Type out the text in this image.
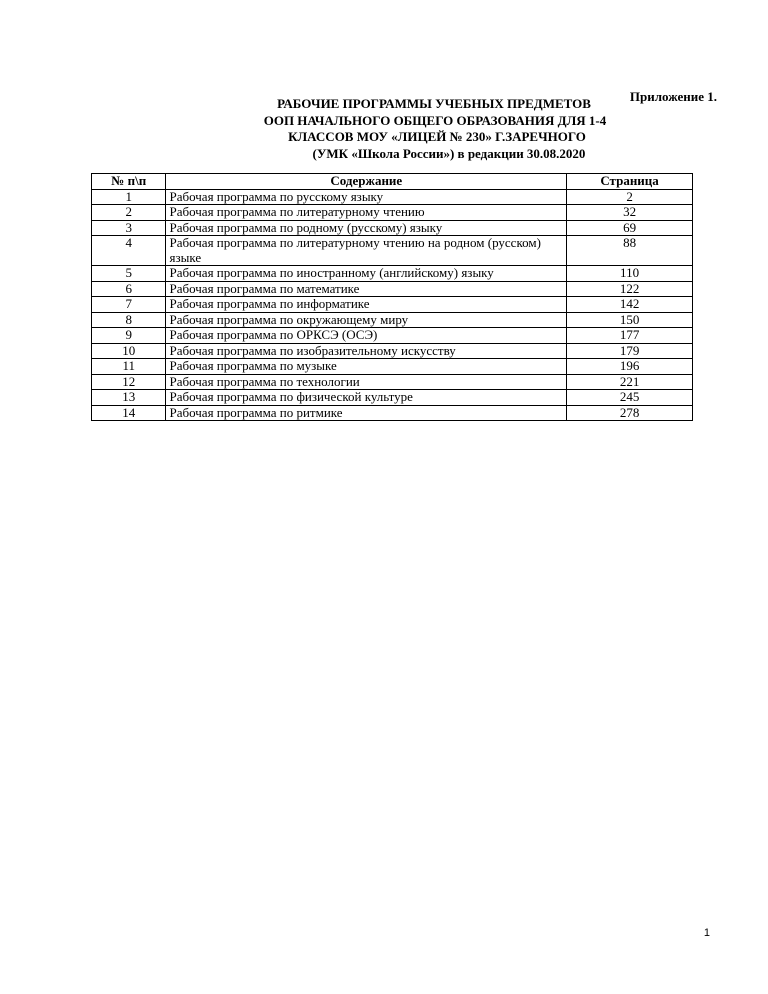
Приложение 1.

РАБОЧИЕ ПРОГРАММЫ УЧЕБНЫХ ПРЕДМЕТОВ
ООП НАЧАЛЬНОГО ОБЩЕГО ОБРАЗОВАНИЯ ДЛЯ 1-4
КЛАССОВ МОУ «ЛИЦЕЙ № 230» Г.ЗАРЕЧНОГО
(УМК «Школа России») в редакции 30.08.2020
№ п\п	Содержание	Страница
1	Рабочая программа по русскому языку	2
2	Рабочая программа по литературному чтению	32
3	Рабочая программа по родному (русскому) языку	69
4	Рабочая программа по литературному чтению на родном (русском) языке	88
5	Рабочая программа по иностранному (английскому) языку	110
6	Рабочая программа по математике	122
7	Рабочая программа по информатике	142
8	Рабочая программа по окружающему миру	150
9	Рабочая программа по ОРКСЭ (ОСЭ)	177
10	Рабочая программа по изобразительному искусству	179
11	Рабочая программа по музыке	196
12	Рабочая программа по технологии	221
13	Рабочая программа по физической культуре	245
14	Рабочая программа по ритмике	278

1
